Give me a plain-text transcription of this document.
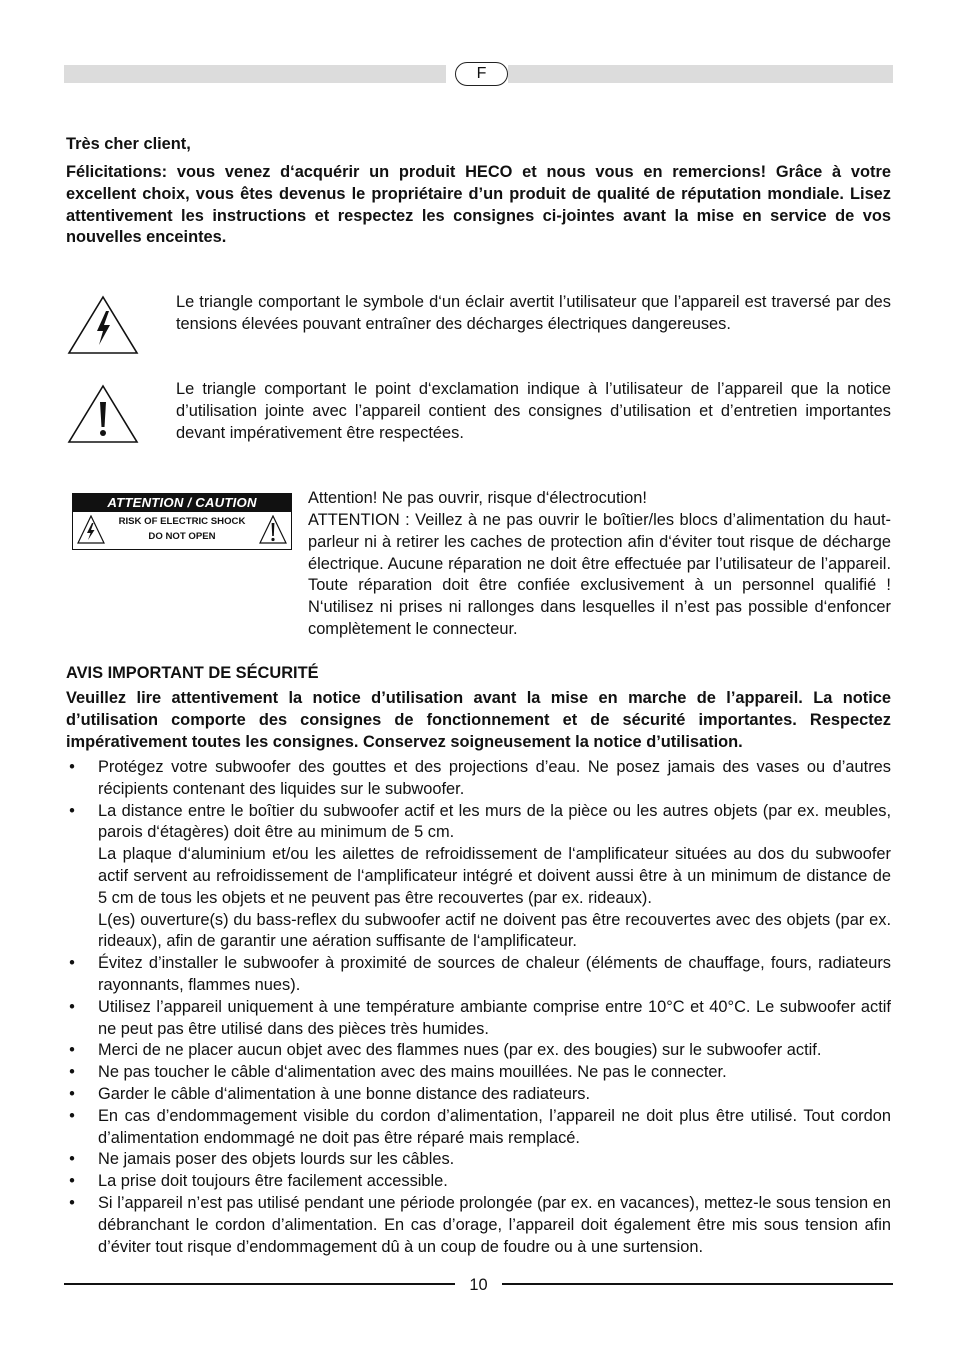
F
Très cher client,
Félicitations: vous venez d‘acquérir un produit HECO et nous vous en remercions! Grâce à votre excellent choix, vous êtes devenus le propriétaire d’un produit de qualité de réputation mondiale. Lisez attentivement les instructions et respectez les consignes ci-jointes avant la mise en service de vos nouvelles enceintes.
Le triangle comportant le symbole d‘un éclair avertit l’utilisateur que l’appareil est traversé par des tensions élevées pouvant entraîner des décharges électriques dangereuses.
Le triangle comportant le point d‘exclamation indique à l’utilisateur de l’appareil que la notice d’utilisation jointe avec l’appareil contient des consignes d’utilisation et d’entretien importantes devant impérativement être respectées.
ATTENTION / CAUTION
RISK OF ELECTRIC SHOCK
DO NOT OPEN
Attention! Ne pas ouvrir, risque d‘électrocution!
ATTENTION : Veillez à ne pas ouvrir le boîtier/les blocs d’alimentation du haut-parleur ni à retirer les caches de protection afin d‘éviter tout risque de décharge électrique. Aucune réparation ne doit être effectuée par l’utilisateur de l’appareil. Toute réparation doit être confiée exclusivement à un personnel qualifié ! N‘utilisez ni prises ni rallonges dans lesquelles il n’est pas possible d‘enfoncer complètement le connecteur.
AVIS IMPORTANT DE SÉCURITÉ
Veuillez lire attentivement la notice d’utilisation avant la mise en marche de l’appareil. La notice d’utilisation comporte des consignes de fonctionnement et de sécurité importantes. Respectez impérativement toutes les consignes. Conservez soigneusement la notice d’utilisation.
• Protégez votre subwoofer des gouttes et des projections d’eau. Ne posez jamais des vases ou d’autres récipients contenant des liquides sur le subwoofer.

• La distance entre le boîtier du subwoofer actif et les murs de la pièce ou les autres objets (par ex. meubles, parois d‘étagères) doit être au minimum de 5 cm.

La plaque d‘aluminium et/ou les ailettes de refroidissement de l‘amplificateur situées au dos du subwoofer actif servent au refroidissement de l‘amplificateur intégré et doivent aussi être à un minimum de distance de 5 cm de tous les objets et ne peuvent pas être recouvertes (par ex. rideaux).

L(es) ouverture(s) du bass-reflex du subwoofer actif ne doivent pas être recouvertes avec des objets (par ex. rideaux), afin de garantir une aération suffisante de l‘amplificateur.

• Évitez d’installer le subwoofer à proximité de sources de chaleur (éléments de chauffage, fours, radiateurs rayonnants, flammes nues).

• Utilisez l’appareil uniquement à une température ambiante comprise entre 10°C et 40°C. Le subwoofer actif ne peut pas être utilisé dans des pièces très humides.

• Merci de ne placer aucun objet avec des flammes nues (par ex. des bougies) sur le subwoofer actif.

• Ne pas toucher le câble d‘alimentation avec des mains mouillées. Ne pas le connecter.

• Garder le câble d‘alimentation à une bonne distance des radiateurs.

• En cas d’endommagement visible du cordon d’alimentation, l’appareil ne doit plus être utilisé. Tout cordon d’alimentation endommagé ne doit pas être réparé mais remplacé.

• Ne jamais poser des objets lourds sur les câbles.

• La prise doit toujours être facilement accessible.

• Si l’appareil n’est pas utilisé pendant une période prolongée (par ex. en vacances), mettez-le sous tension en débranchant le cordon d’alimentation. En cas d’orage, l’appareil doit également être mis sous tension afin d’éviter tout risque d’endommagement dû à un coup de foudre ou à une surtension.

10
